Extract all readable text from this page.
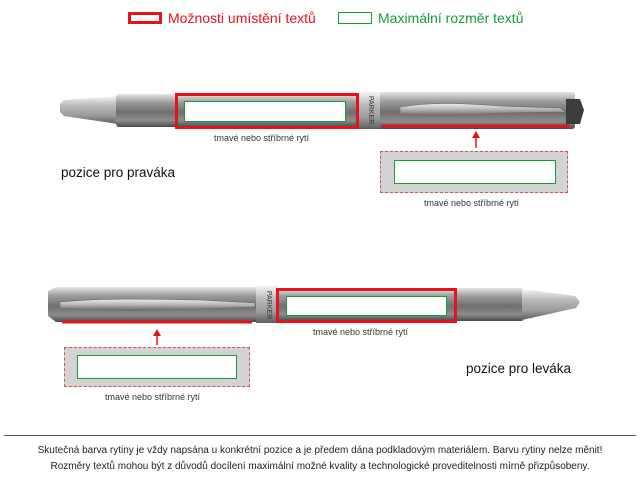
Možnosti umístění textů	Maximální rozměr textů
PARKER
PARKER
tmavé nebo stříbrné rytí
tmavé nebo stříbrné rytí
pozice pro praváka
tmavé nebo stříbrné rytí
tmavé nebo stříbrné rytí
pozice pro leváka
Skutečná barva rytiny je vždy napsána u konkrétní pozice a je předem dána podkladovým materiálem. Barvu rytiny nelze měnit!
Rozměry textů mohou být z důvodů docílení maximální možné kvality a technologické proveditelnosti mírně přizpůsobeny.
